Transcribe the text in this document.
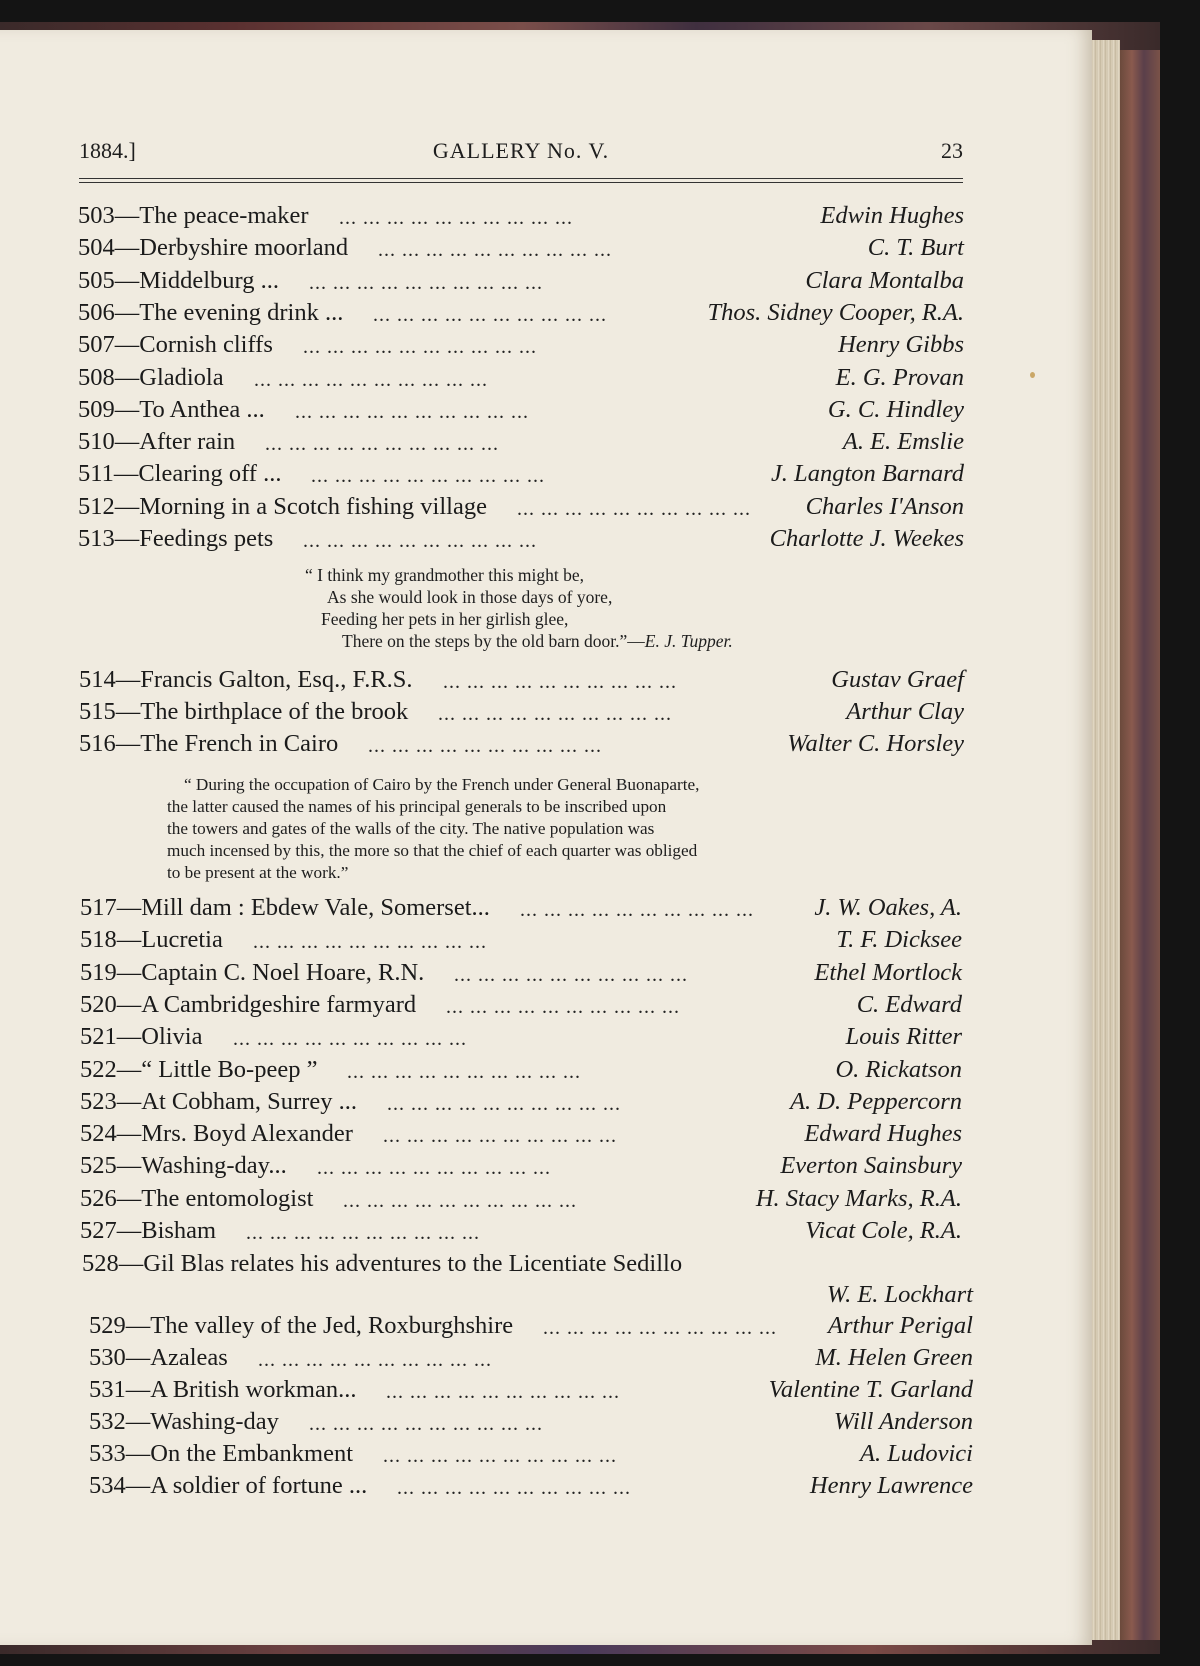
1884.]	GALLERY No. V.	23
503—The peace-maker ... ... ... ... ... ... ... ... ... ...	Edwin Hughes
504—Derbyshire moorland ... ... ... ... ... ... ... ... ... ...	C. T. Burt
505—Middelburg ... ... ... ... ... ... ... ... ... ... ...	Clara Montalba
506—The evening drink ... ... ... ... ... ... ... ... ... ... ...	Thos. Sidney Cooper, R.A.
507—Cornish cliffs ... ... ... ... ... ... ... ... ... ...	Henry Gibbs
508—Gladiola ... ... ... ... ... ... ... ... ... ...	E. G. Provan
509—To Anthea ... ... ... ... ... ... ... ... ... ... ...	G. C. Hindley
510—After rain ... ... ... ... ... ... ... ... ... ...	A. E. Emslie
511—Clearing off ... ... ... ... ... ... ... ... ... ... ...	J. Langton Barnard
512—Morning in a Scotch fishing village ... ... ... ... ... ... ... ... ... ...	Charles I'Anson
513—Feedings pets ... ... ... ... ... ... ... ... ... ...	Charlotte J. Weekes
“ I think my grandmother this might be,
As she would look in those days of yore,
Feeding her pets in her girlish glee,
There on the steps by the old barn door.”—E. J. Tupper.
514—Francis Galton, Esq., F.R.S. ... ... ... ... ... ... ... ... ... ...	Gustav Graef
515—The birthplace of the brook ... ... ... ... ... ... ... ... ... ...	Arthur Clay
516—The French in Cairo ... ... ... ... ... ... ... ... ... ...	Walter C. Horsley
“ During the occupation of Cairo by the French under General Buonaparte,
the latter caused the names of his principal generals to be inscribed upon
the towers and gates of the walls of the city. The native population was
much incensed by this, the more so that the chief of each quarter was obliged
to be present at the work.”
517—Mill dam : Ebdew Vale, Somerset... ... ... ... ... ... ... ... ... ... ...	J. W. Oakes, A.
518—Lucretia ... ... ... ... ... ... ... ... ... ...	T. F. Dicksee
519—Captain C. Noel Hoare, R.N. ... ... ... ... ... ... ... ... ... ...	Ethel Mortlock
520—A Cambridgeshire farmyard ... ... ... ... ... ... ... ... ... ...	C. Edward
521—Olivia ... ... ... ... ... ... ... ... ... ...	Louis Ritter
522—“ Little Bo-peep ” ... ... ... ... ... ... ... ... ... ...	O. Rickatson
523—At Cobham, Surrey ... ... ... ... ... ... ... ... ... ... ...	A. D. Peppercorn
524—Mrs. Boyd Alexander ... ... ... ... ... ... ... ... ... ...	Edward Hughes
525—Washing-day... ... ... ... ... ... ... ... ... ... ...	Everton Sainsbury
526—The entomologist ... ... ... ... ... ... ... ... ... ...	H. Stacy Marks, R.A.
527—Bisham ... ... ... ... ... ... ... ... ... ...	Vicat Cole, R.A.
528—Gil Blas relates his adventures to the Licentiate Sedillo
W. E. Lockhart
529—The valley of the Jed, Roxburghshire ... ... ... ... ... ... ... ... ... ...	Arthur Perigal
530—Azaleas ... ... ... ... ... ... ... ... ... ...	M. Helen Green
531—A British workman... ... ... ... ... ... ... ... ... ... ...	Valentine T. Garland
532—Washing-day ... ... ... ... ... ... ... ... ... ...	Will Anderson
533—On the Embankment ... ... ... ... ... ... ... ... ... ...	A. Ludovici
534—A soldier of fortune ... ... ... ... ... ... ... ... ... ... ...	Henry Lawrence
